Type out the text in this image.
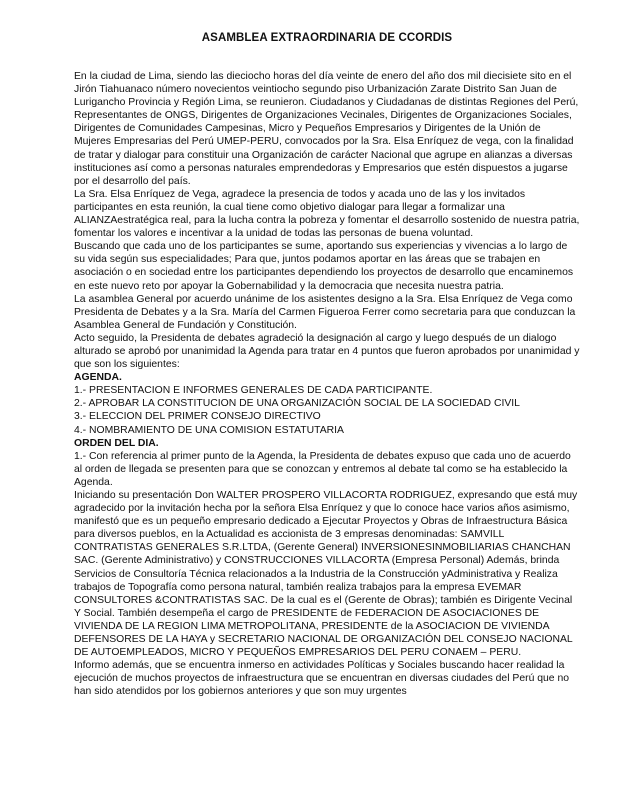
ASAMBLEA EXTRAORDINARIA DE CCORDIS

En la ciudad de Lima, siendo las dieciocho horas del día veinte de enero del año dos mil diecisiete sito en el Jirón Tiahuanaco número novecientos veintiocho segundo piso Urbanización Zarate Distrito San Juan de Lurigancho Provincia y Región Lima, se reunieron. Ciudadanos y Ciudadanas de distintas Regiones del Perú, Representantes de ONGS, Dirigentes de Organizaciones Vecinales, Dirigentes de Organizaciones Sociales, Dirigentes de Comunidades Campesinas, Micro y Pequeños Empresarios y Dirigentes de la Unión de Mujeres Empresarias del Perú UMEP-PERU, convocados por la Sra. Elsa Enríquez de vega, con la finalidad de tratar y dialogar para constituir una Organización de carácter Nacional que agrupe en alianzas a diversas instituciones así como a personas naturales emprendedoras y Empresarios que estén dispuestos a jugarse por el desarrollo del país.

La Sra. Elsa Enríquez de Vega, agradece la presencia de todos y acada uno de las y los invitados participantes en esta reunión, la cual tiene como objetivo dialogar para llegar a formalizar una ALIANZAestratégica real, para la lucha contra la pobreza y fomentar el desarrollo sostenido de nuestra patria, fomentar los valores e incentivar a la unidad de todas las personas de buena voluntad.

Buscando que cada uno de los participantes se sume, aportando sus experiencias y vivencias a lo largo de su vida según sus especialidades; Para que, juntos podamos aportar en las áreas que se trabajen en asociación o en sociedad entre los participantes dependiendo los proyectos de desarrollo que encaminemos en este nuevo reto por apoyar la Gobernabilidad y la democracia que necesita nuestra patria.

La asamblea General por acuerdo unánime de los asistentes designo a la Sra. Elsa Enríquez de Vega como Presidenta de Debates y a la Sra. María del Carmen Figueroa Ferrer como secretaria para que conduzcan la Asamblea General de Fundación y Constitución.

Acto seguido, la Presidenta de debates agradeció la designación al cargo y luego después de un dialogo alturado se aprobó por unanimidad la Agenda para tratar en 4 puntos que fueron aprobados por unanimidad y que son los siguientes:

AGENDA.

1.- PRESENTACION E INFORMES GENERALES DE CADA PARTICIPANTE.

2.- APROBAR LA CONSTITUCION DE UNA ORGANIZACIÓN SOCIAL DE LA SOCIEDAD CIVIL

3.- ELECCION DEL PRIMER CONSEJO DIRECTIVO

4.- NOMBRAMIENTO DE UNA COMISION ESTATUTARIA

ORDEN DEL DIA.

1.- Con referencia al primer punto de la Agenda, la Presidenta de debates expuso que cada uno de acuerdo al orden de llegada se presenten para que se conozcan y entremos al debate tal como se ha establecido la Agenda.

Iniciando su presentación Don WALTER PROSPERO VILLACORTA RODRIGUEZ, expresando que está muy agradecido por la invitación hecha por la señora Elsa Enríquez y que lo conoce hace varios años asimismo, manifestó que es un pequeño empresario dedicado a Ejecutar Proyectos y Obras de Infraestructura Básica para diversos pueblos, en la Actualidad es accionista de 3 empresas denominadas: SAMVILL CONTRATISTAS GENERALES S.R.LTDA, (Gerente General) INVERSIONESINMOBILIARIAS CHANCHAN SAC. (Gerente Administrativo) y CONSTRUCCIONES VILLACORTA (Empresa Personal) Además, brinda Servicios de Consultoría Técnica relacionados a la Industria de la Construcción yAdministrativa y Realiza trabajos de Topografía como persona natural, también realiza trabajos para la empresa EVEMAR CONSULTORES &CONTRATISTAS SAC. De la cual es el (Gerente de Obras); también es Dirigente Vecinal Y Social. También desempeña el cargo de PRESIDENTE de FEDERACION DE ASOCIACIONES DE VIVIENDA DE LA REGION LIMA METROPOLITANA, PRESIDENTE de la ASOCIACION DE VIVIENDA DEFENSORES DE LA HAYA y SECRETARIO NACIONAL DE ORGANIZACIÓN DEL CONSEJO NACIONAL DE AUTOEMPLEADOS, MICRO Y PEQUEÑOS EMPRESARIOS DEL PERU CONAEM – PERU.

Informo además, que se encuentra inmerso en actividades Políticas y Sociales buscando hacer realidad la ejecución de muchos proyectos de infraestructura que se encuentran en diversas ciudades del Perú que no han sido atendidos por los gobiernos anteriores y que son muy urgentes
